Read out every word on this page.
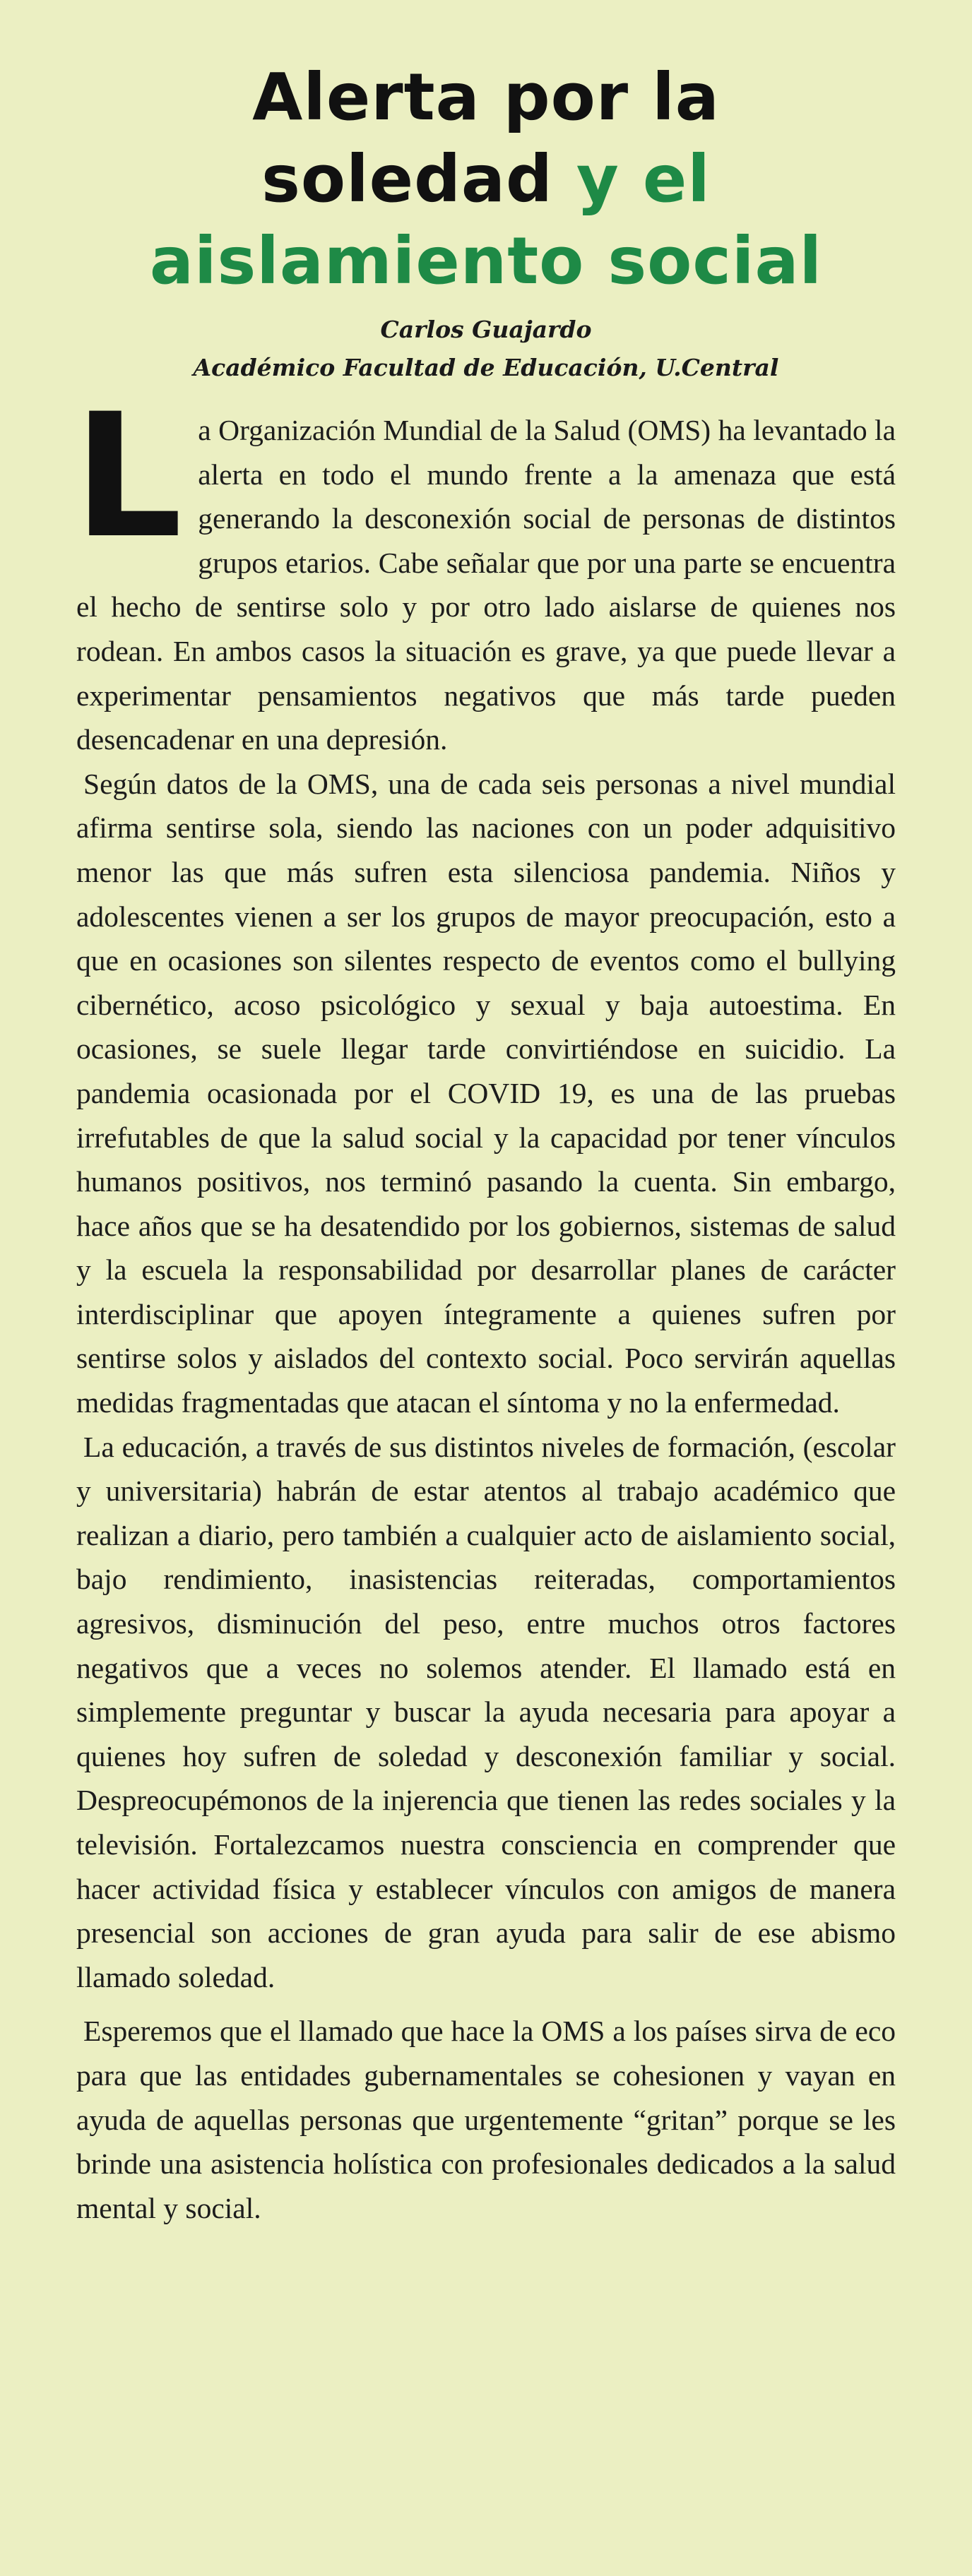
Alerta por la
soledad y el
aislamiento social
Carlos Guajardo
Académico Facultad de Educación, U.Central

La Organización Mundial de la Salud (OMS) ha levantado la alerta en todo el mundo frente a la amenaza que está generando la desconexión social de personas de distintos grupos etarios. Cabe señalar que por una parte se encuentra el hecho de sentirse solo y por otro lado aislarse de quienes nos rodean. En ambos casos la situación es grave, ya que puede llevar a experimentar pensamientos negativos que más tarde pueden desencadenar en una depresión.

Según datos de la OMS, una de cada seis personas a nivel mundial afirma sentirse sola, siendo las naciones con un poder adquisitivo menor las que más sufren esta silenciosa pandemia. Niños y adolescentes vienen a ser los grupos de mayor preocupación, esto a que en ocasiones son silentes respecto de eventos como el bullying cibernético, acoso psicológico y sexual y baja autoestima. En ocasiones, se suele llegar tarde convirtiéndose en suicidio. La pandemia ocasionada por el COVID 19, es una de las pruebas irrefutables de que la salud social y la capacidad por tener vínculos humanos positivos, nos terminó pasando la cuenta. Sin embargo, hace años que se ha desatendido por los gobiernos, sistemas de salud y la escuela la responsabilidad por desarrollar planes de carácter interdisciplinar que apoyen íntegramente a quienes sufren por sentirse solos y aislados del contexto social. Poco servirán aquellas medidas fragmentadas que atacan el síntoma y no la enfermedad.

La educación, a través de sus distintos niveles de formación, (escolar y universitaria) habrán de estar atentos al trabajo académico que realizan a diario, pero también a cualquier acto de aislamiento social, bajo rendimiento, inasistencias reiteradas, comportamientos agresivos, disminución del peso, entre muchos otros factores negativos que a veces no solemos atender. El llamado está en simplemente preguntar y buscar la ayuda necesaria para apoyar a quienes hoy sufren de soledad y desconexión familiar y social. Despreocupémonos de la injerencia que tienen las redes sociales y la televisión. Fortalezcamos nuestra consciencia en comprender que hacer actividad física y establecer vínculos con amigos de manera presencial son acciones de gran ayuda para salir de ese abismo llamado soledad.

Esperemos que el llamado que hace la OMS a los países sirva de eco para que las entidades gubernamentales se cohesionen y vayan en ayuda de aquellas personas que urgentemente “gritan” porque se les brinde una asistencia holística con profesionales dedicados a la salud mental y social.
